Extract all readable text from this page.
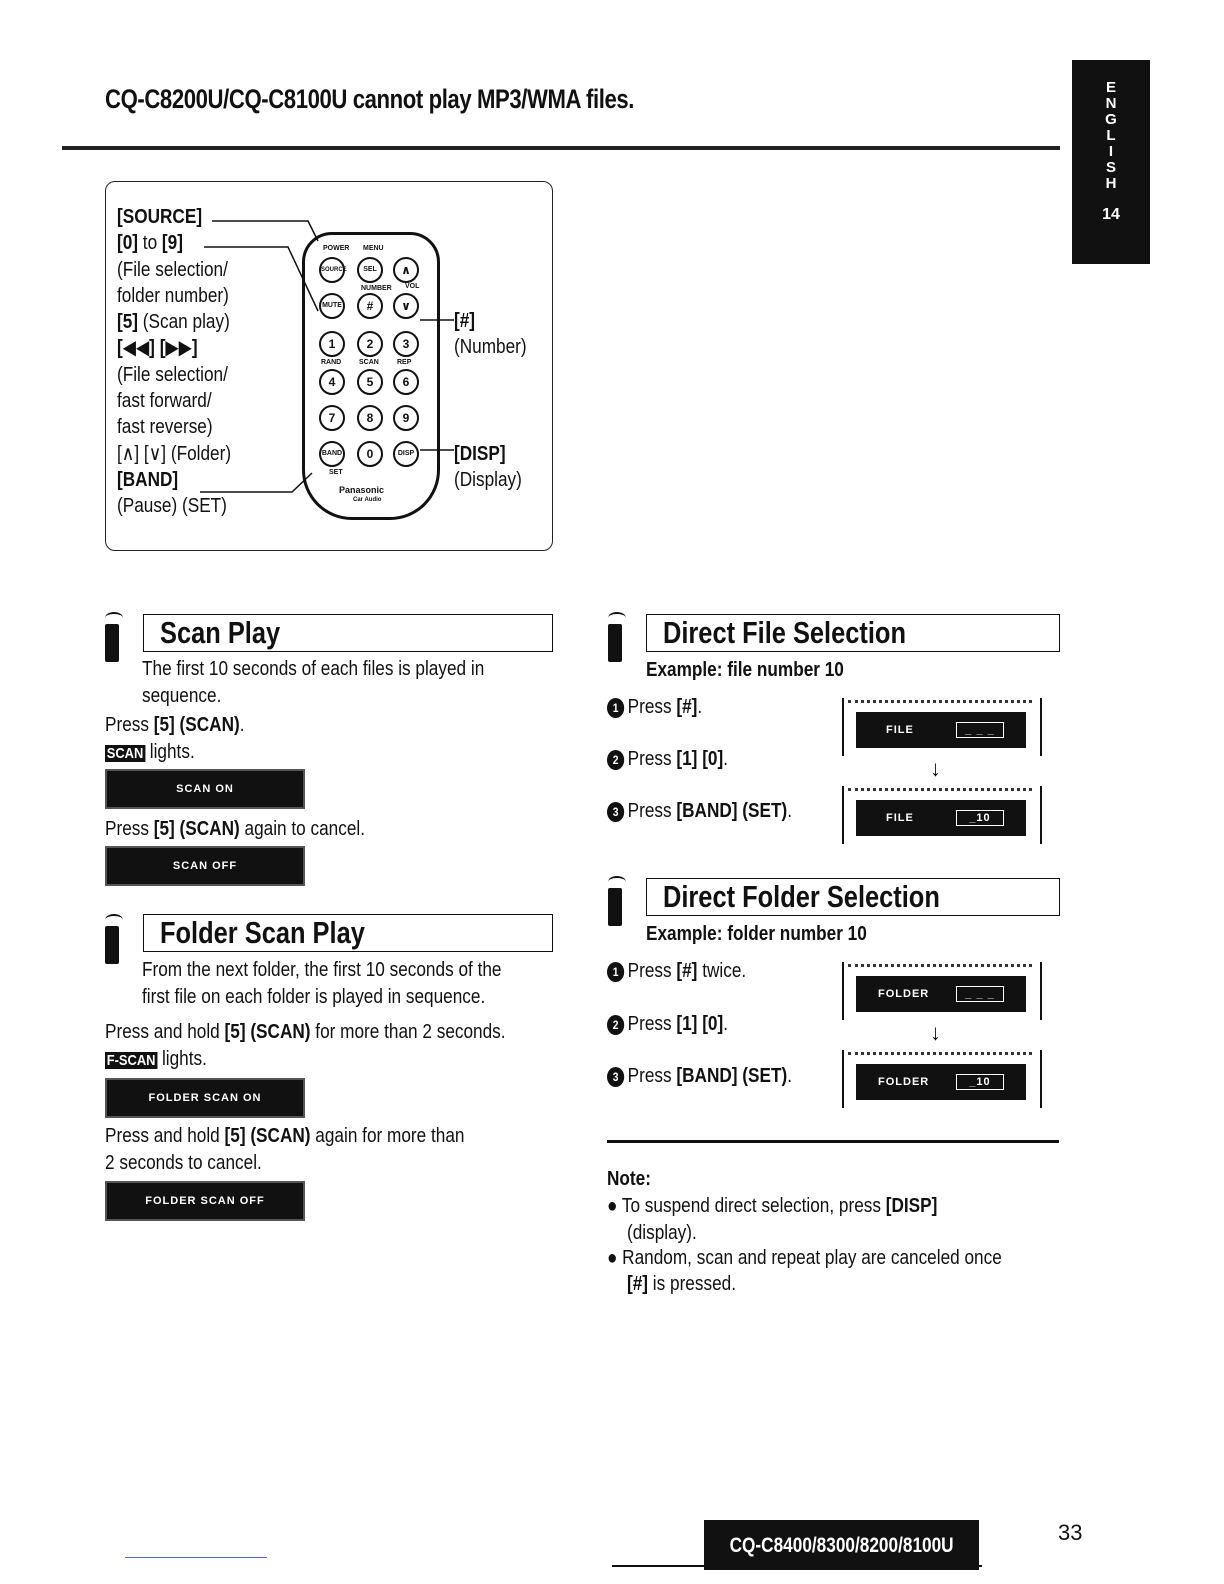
CQ-C8200U/CQ-C8100U cannot play MP3/WMA files.	E
N
G
L
I
S
H
14
[SOURCE]
[0] to [9]
(File selection/
folder number)
[5] (Scan play)
[◀◀] [▶▶]
(File selection/
fast forward/
fast reverse)
[∧] [∨] (Folder)
[BAND]
(Pause) (SET)
POWER MENU
SOURCE	SEL	∧
NUMBER VOL
MUTE	#	∨
1	2	3
RAND	SCAN	REP
4	5	6
7	8	9
BAND	0	DISP
SET
Panasonic
Car Audio
[#]
(Number)
[DISP]
(Display)
Scan Play
The first 10 seconds of each files is played in
sequence.
Press [5] (SCAN).
SCAN lights.
SCAN ON
Press [5] (SCAN) again to cancel.
SCAN OFF
Folder Scan Play
From the next folder, the first 10 seconds of the
first file on each folder is played in sequence.
Press and hold [5] (SCAN) for more than 2 seconds.
F-SCAN lights.
FOLDER SCAN ON
Press and hold [5] (SCAN) again for more than
2 seconds to cancel.
FOLDER SCAN OFF
Direct File Selection
Example: file number 10
1 Press [#].
2 Press [1] [0].
3 Press [BAND] (SET).
FILE	_ _ _
↓
FILE	_10
Direct Folder Selection
Example: folder number 10
1 Press [#] twice.
2 Press [1] [0].
3 Press [BAND] (SET).
FOLDER	_ _ _
↓
FOLDER	_10
Note:
● To suspend direct selection, press [DISP]
(display).
● Random, scan and repeat play are canceled once
[#] is pressed.
CQ-C8400/8300/8200/8100U
33
